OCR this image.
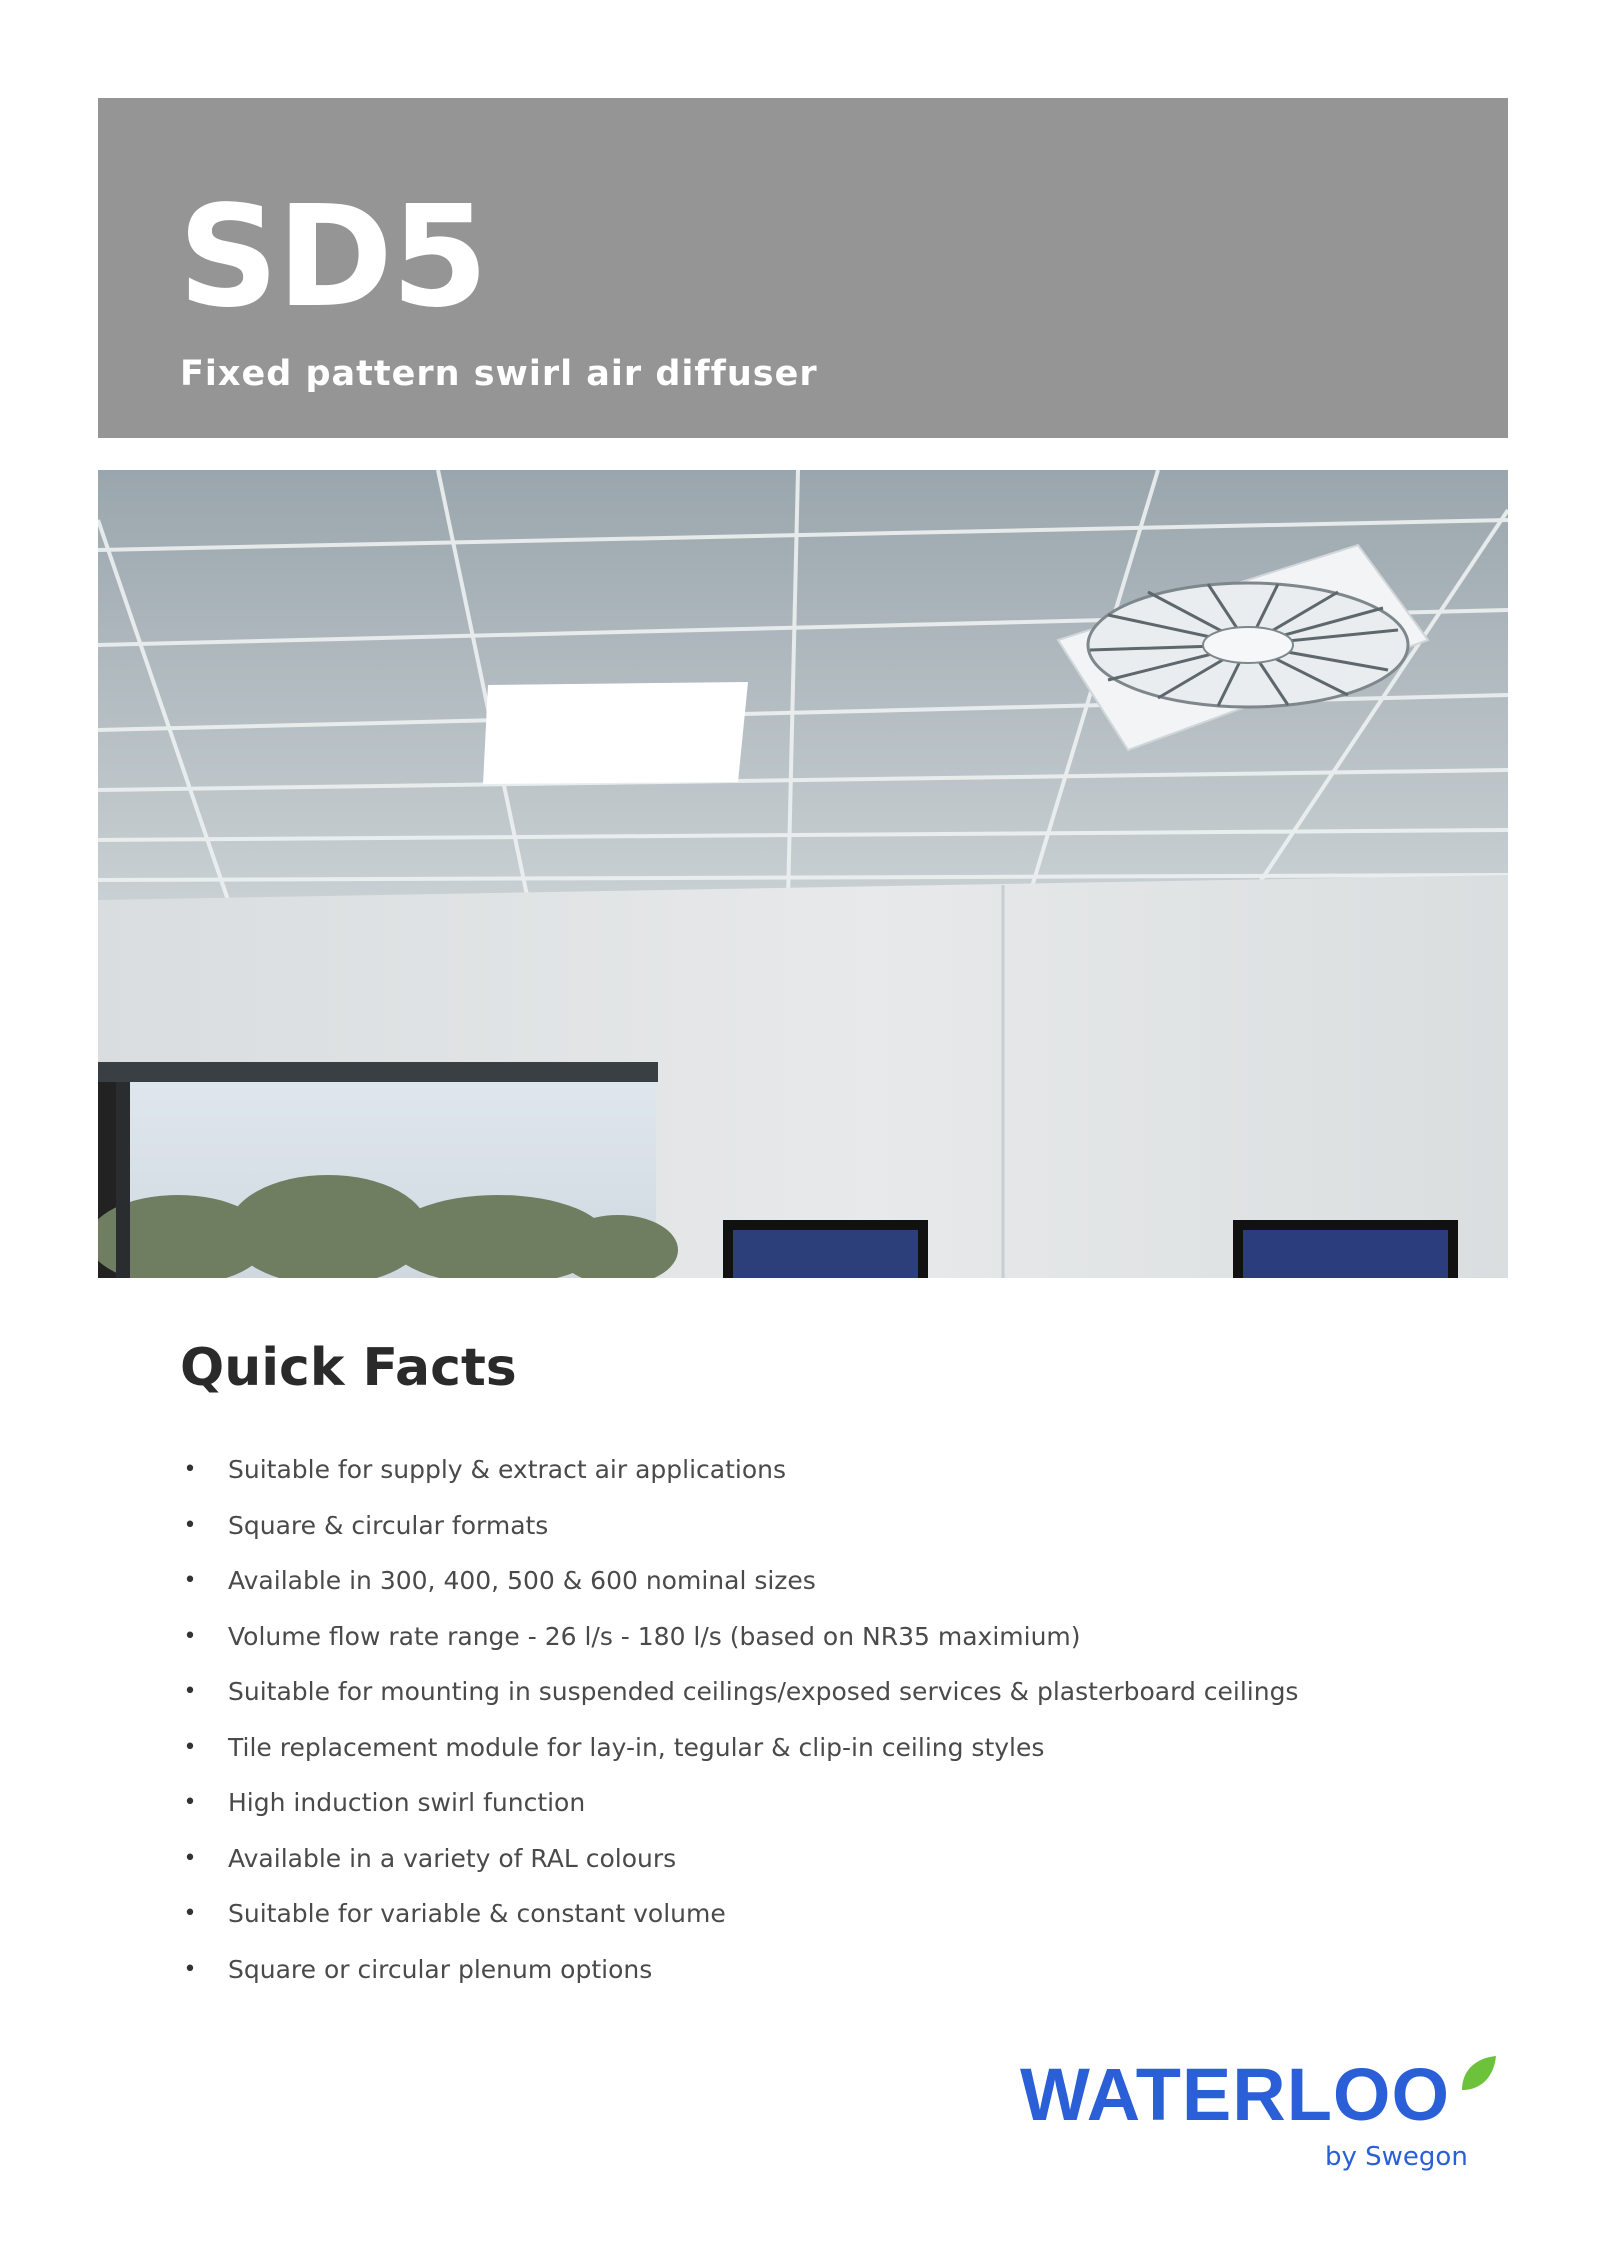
SD5
Fixed pattern swirl air diffuser
Quick Facts
• Suitable for supply & extract air applications
• Square & circular formats
• Available in 300, 400, 500 & 600 nominal sizes
• Volume flow rate range - 26 l/s - 180 l/s (based on NR35 maximium)
• Suitable for mounting in suspended ceilings/exposed services & plasterboard ceilings
• Tile replacement module for lay-in, tegular & clip-in ceiling styles
• High induction swirl function
• Available in a variety of RAL colours
• Suitable for variable & constant volume
• Square or circular plenum options
WATERLOO
by Swegon
